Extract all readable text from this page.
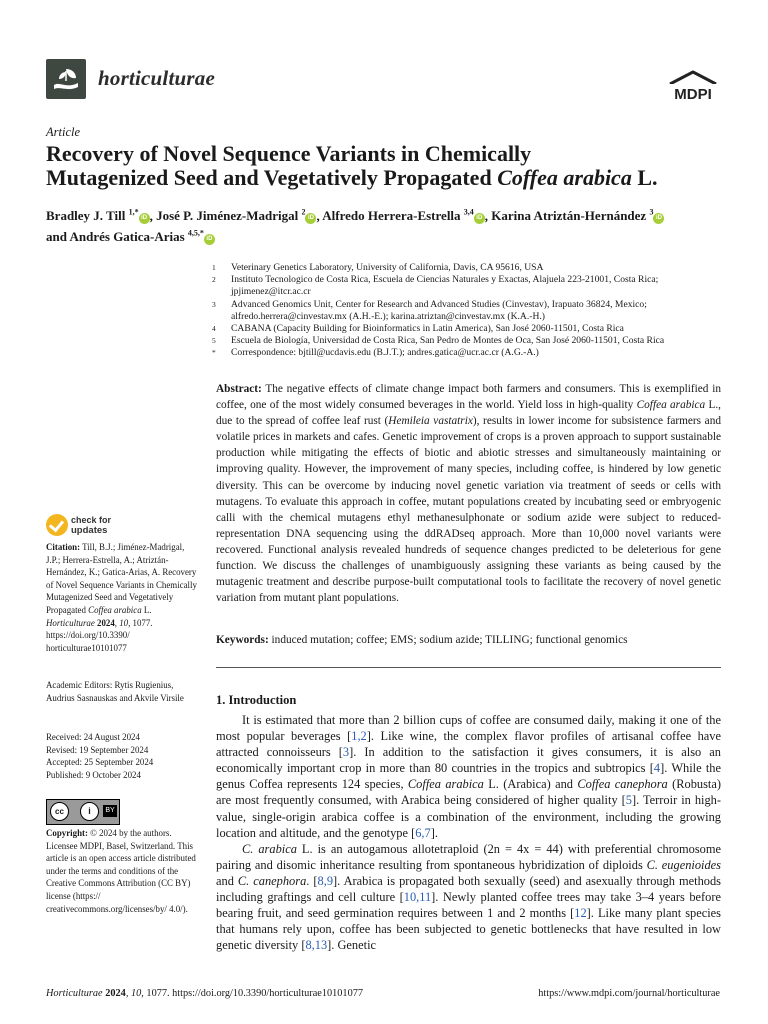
horticulturae
MDPI
Article
Recovery of Novel Sequence Variants in Chemically
Mutagenized Seed and Vegetatively Propagated Coffea arabica L.
Bradley J. Till $^{1,*}$iD , José P. Jiménez-Madrigal $^2$iD , Alfredo Herrera-Estrella $^{3,4}$iD , Karina Atriztán-Hernández $^3$iD
and Andrés Gatica-Arias $^{4,5,*}$iD
1	Veterinary Genetics Laboratory, University of California, Davis, CA 95616, USA
2	Instituto Tecnologico de Costa Rica, Escuela de Ciencias Naturales y Exactas, Alajuela 223-21001, Costa Rica; jpjimenez@itcr.ac.cr
3	Advanced Genomics Unit, Center for Research and Advanced Studies (Cinvestav), Irapuato 36824, Mexico; alfredo.herrera@cinvestav.mx (A.H.-E.); karina.atriztan@cinvestav.mx (K.A.-H.)
4	CABANA (Capacity Building for Bioinformatics in Latin America), San José 2060-11501, Costa Rica
5	Escuela de Biología, Universidad de Costa Rica, San Pedro de Montes de Oca, San José 2060-11501, Costa Rica
*	Correspondence: bjtill@ucdavis.edu (B.J.T.); andres.gatica@ucr.ac.cr (A.G.-A.)
Abstract: The negative effects of climate change impact both farmers and consumers. This is exemplified in coffee, one of the most widely consumed beverages in the world. Yield loss in high-quality Coffea arabica L., due to the spread of coffee leaf rust (Hemileia vastatrix), results in lower income for subsistence farmers and volatile prices in markets and cafes. Genetic improvement of crops is a proven approach to support sustainable production while mitigating the effects of biotic and abiotic stresses and simultaneously maintaining or improving quality. However, the improvement of many species, including coffee, is hindered by low genetic diversity. This can be overcome by inducing novel genetic variation via treatment of seeds or cells with mutagens. To evaluate this approach in coffee, mutant populations created by incubating seed or embryogenic calli with the chemical mutagens ethyl methanesulphonate or sodium azide were subject to reduced-representation DNA sequencing using the ddRADseq approach. More than 10,000 novel variants were recovered. Functional analysis revealed hundreds of sequence changes predicted to be deleterious for gene function. We discuss the challenges of unambiguously assigning these variants as being caused by the mutagenic treatment and describe purpose-built computational tools to facilitate the recovery of novel genetic variation from mutant plant populations.
Keywords: induced mutation; coffee; EMS; sodium azide; TILLING; functional genomics
1. Introduction

It is estimated that more than 2 billion cups of coffee are consumed daily, making it one of the most popular beverages [1,2]. Like wine, the complex flavor profiles of artisanal coffee have attracted connoisseurs [3]. In addition to the satisfaction it gives consumers, it is also an economically important crop in more than 80 countries in the tropics and subtropics [4]. While the genus Coffea represents 124 species, Coffea arabica L. (Arabica) and Coffea canephora (Robusta) are most frequently consumed, with Arabica being considered of higher quality [5]. Terroir in high-value, single-origin arabica coffee is a combination of the environment, including the growing location and altitude, and the genotype [6,7].

C. arabica L. is an autogamous allotetraploid (2n = 4x = 44) with preferential chromosome pairing and disomic inheritance resulting from spontaneous hybridization of diploids C. eugenioides and C. canephora. [8,9]. Arabica is propagated both sexually (seed) and asexually through methods including graftings and cell culture [10,11]. Newly planted coffee trees may take 3–4 years before bearing fruit, and seed germination requires between 1 and 2 months [12]. Like many plant species that humans rely upon, coffee has been subjected to genetic bottlenecks that have resulted in low genetic diversity [8,13]. Genetic

check for
updates
Citation: Till, B.J.; Jiménez-Madrigal, J.P.; Herrera-Estrella, A.; Atriztán-Hernández, K.; Gatica-Arias, A. Recovery of Novel Sequence Variants in Chemically Mutagenized Seed and Vegetatively Propagated Coffea arabica L. Horticulturae 2024, 10, 1077. https://doi.org/10.3390/ horticulturae10101077
Academic Editors: Rytis Rugienius, Audrius Sasnauskas and Akvile Virsile
Received: 24 August 2024
Revised: 19 September 2024
Accepted: 25 September 2024
Published: 9 October 2024
cc	i	BY
Copyright: © 2024 by the authors. Licensee MDPI, Basel, Switzerland. This article is an open access article distributed under the terms and conditions of the Creative Commons Attribution (CC BY) license (https:// creativecommons.org/licenses/by/ 4.0/).
Horticulturae 2024, 10, 1077. https://doi.org/10.3390/horticulturae10101077	https://www.mdpi.com/journal/horticulturae
